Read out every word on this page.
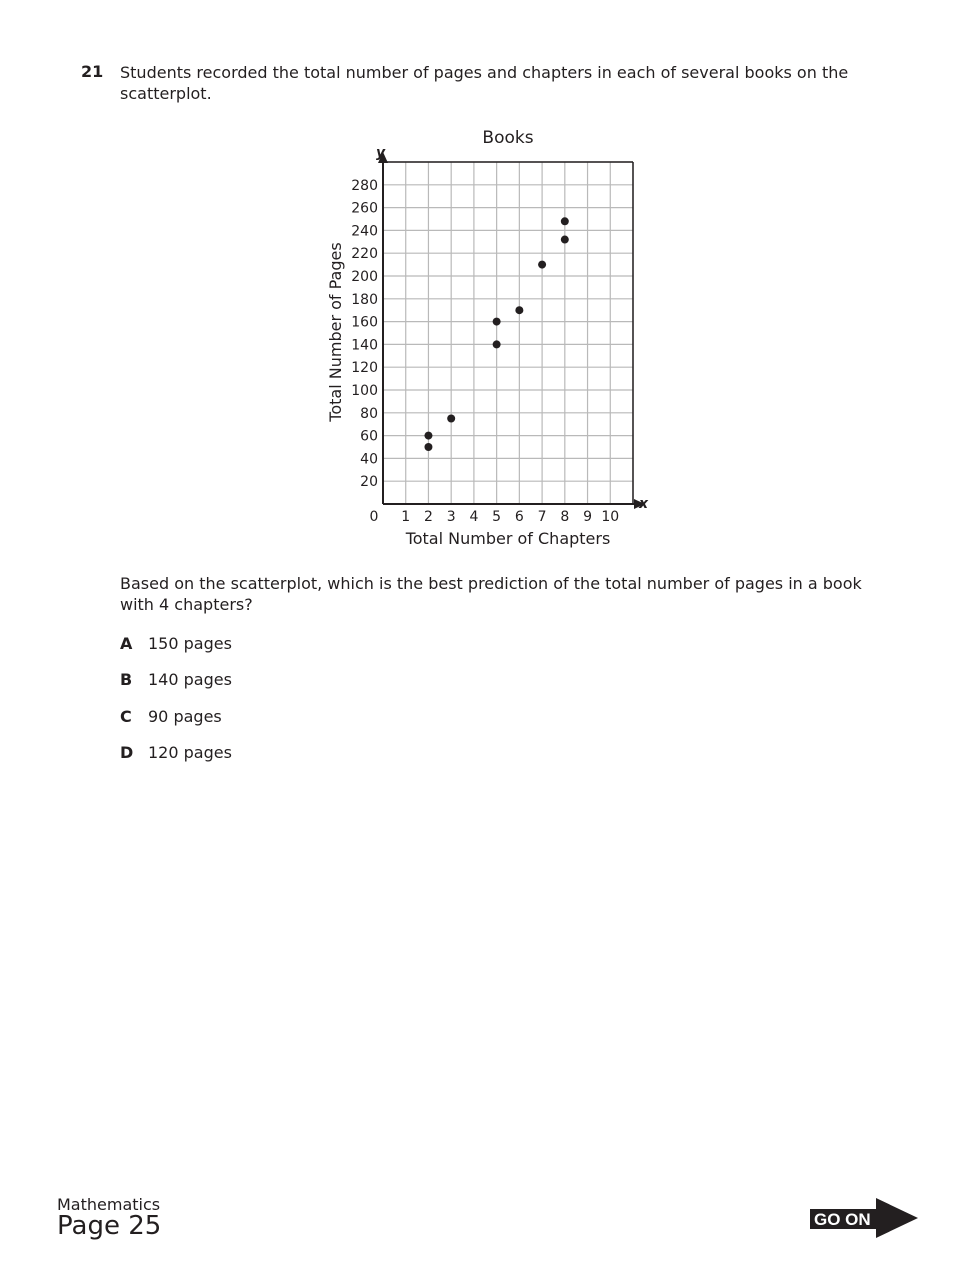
21 Students recorded the total number of pages and chapters in each of several books on the scatterplot.
1 2 3 4 5 6 7 8 9 10
20
40
60
80
100
120
140
160
180
200
220
240
260
280
Books
Total Number of Chapters
Total Number of Pages
x
y
0
Based on the scatterplot, which is the best prediction of the total number of pages in a book with 4 chapters?
A 150 pages
B 140 pages
C 90 pages
D 120 pages
Mathematics
Page 25	GO ON
